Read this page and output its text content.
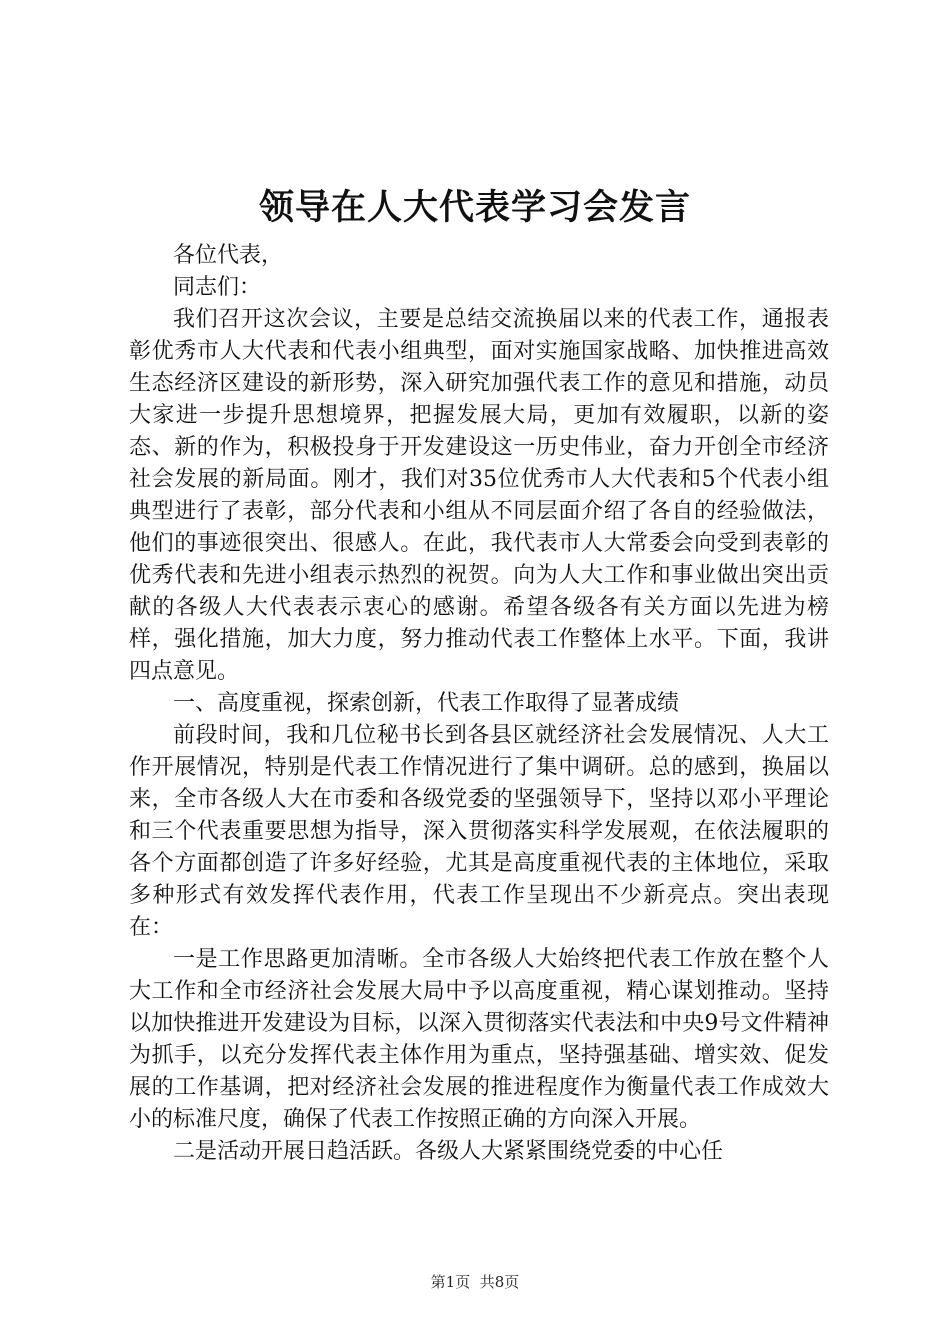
领导在人大代表学习会发言

各位代表，

同志们：

我们召开这次会议，主要是总结交流换届以来的代表工作，通报表彰优秀市人大代表和代表小组典型，面对实施国家战略、加快推进高效生态经济区建设的新形势，深入研究加强代表工作的意见和措施，动员大家进一步提升思想境界，把握发展大局，更加有效履职，以新的姿态、新的作为，积极投身于开发建设这一历史伟业，奋力开创全市经济社会发展的新局面。刚才，我们对35位优秀市人大代表和5个代表小组典型进行了表彰，部分代表和小组从不同层面介绍了各自的经验做法，他们的事迹很突出、很感人。在此，我代表市人大常委会向受到表彰的优秀代表和先进小组表示热烈的祝贺。向为人大工作和事业做出突出贡献的各级人大代表表示衷心的感谢。希望各级各有关方面以先进为榜样，强化措施，加大力度，努力推动代表工作整体上水平。下面，我讲四点意见。

一、高度重视，探索创新，代表工作取得了显著成绩

前段时间，我和几位秘书长到各县区就经济社会发展情况、人大工作开展情况，特别是代表工作情况进行了集中调研。总的感到，换届以来，全市各级人大在市委和各级党委的坚强领导下，坚持以邓小平理论和三个代表重要思想为指导，深入贯彻落实科学发展观，在依法履职的各个方面都创造了许多好经验，尤其是高度重视代表的主体地位，采取多种形式有效发挥代表作用，代表工作呈现出不少新亮点。突出表现在：

一是工作思路更加清晰。全市各级人大始终把代表工作放在整个人大工作和全市经济社会发展大局中予以高度重视，精心谋划推动。坚持以加快推进开发建设为目标，以深入贯彻落实代表法和中央9号文件精神为抓手，以充分发挥代表主体作用为重点，坚持强基础、增实效、促发展的工作基调，把对经济社会发展的推进程度作为衡量代表工作成效大小的标准尺度，确保了代表工作按照正确的方向深入开展。

二是活动开展日趋活跃。各级人大紧紧围绕党委的中心任

第1页 共8页
